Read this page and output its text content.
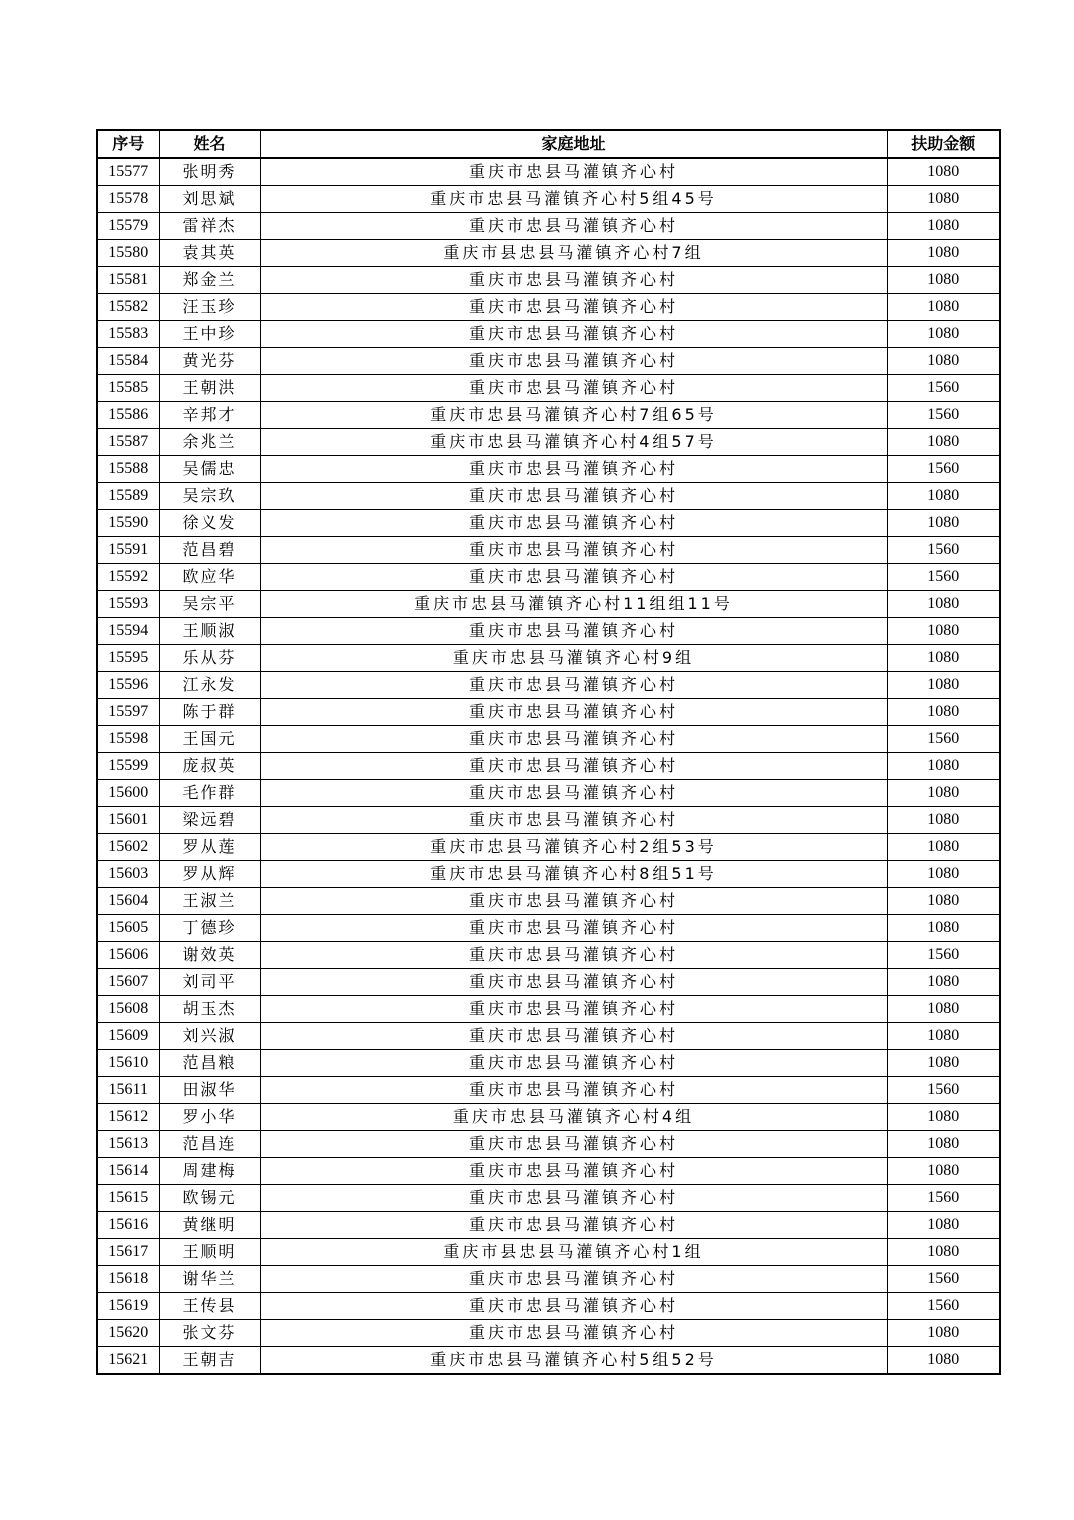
序号	姓名	家庭地址	扶助金额
15577	张明秀	重庆市忠县马灌镇齐心村	1080
15578	刘思斌	重庆市忠县马灌镇齐心村5组45号	1080
15579	雷祥杰	重庆市忠县马灌镇齐心村	1080
15580	袁其英	重庆市县忠县马灌镇齐心村7组	1080
15581	郑金兰	重庆市忠县马灌镇齐心村	1080
15582	汪玉珍	重庆市忠县马灌镇齐心村	1080
15583	王中珍	重庆市忠县马灌镇齐心村	1080
15584	黄光芬	重庆市忠县马灌镇齐心村	1080
15585	王朝洪	重庆市忠县马灌镇齐心村	1560
15586	辛邦才	重庆市忠县马灌镇齐心村7组65号	1560
15587	余兆兰	重庆市忠县马灌镇齐心村4组57号	1080
15588	吴儒忠	重庆市忠县马灌镇齐心村	1560
15589	吴宗玖	重庆市忠县马灌镇齐心村	1080
15590	徐义发	重庆市忠县马灌镇齐心村	1080
15591	范昌碧	重庆市忠县马灌镇齐心村	1560
15592	欧应华	重庆市忠县马灌镇齐心村	1560
15593	吴宗平	重庆市忠县马灌镇齐心村11组组11号	1080
15594	王顺淑	重庆市忠县马灌镇齐心村	1080
15595	乐从芬	重庆市忠县马灌镇齐心村9组	1080
15596	江永发	重庆市忠县马灌镇齐心村	1080
15597	陈于群	重庆市忠县马灌镇齐心村	1080
15598	王国元	重庆市忠县马灌镇齐心村	1560
15599	庞叔英	重庆市忠县马灌镇齐心村	1080
15600	毛作群	重庆市忠县马灌镇齐心村	1080
15601	梁远碧	重庆市忠县马灌镇齐心村	1080
15602	罗从莲	重庆市忠县马灌镇齐心村2组53号	1080
15603	罗从辉	重庆市忠县马灌镇齐心村8组51号	1080
15604	王淑兰	重庆市忠县马灌镇齐心村	1080
15605	丁德珍	重庆市忠县马灌镇齐心村	1080
15606	谢效英	重庆市忠县马灌镇齐心村	1560
15607	刘司平	重庆市忠县马灌镇齐心村	1080
15608	胡玉杰	重庆市忠县马灌镇齐心村	1080
15609	刘兴淑	重庆市忠县马灌镇齐心村	1080
15610	范昌粮	重庆市忠县马灌镇齐心村	1080
15611	田淑华	重庆市忠县马灌镇齐心村	1560
15612	罗小华	重庆市忠县马灌镇齐心村4组	1080
15613	范昌连	重庆市忠县马灌镇齐心村	1080
15614	周建梅	重庆市忠县马灌镇齐心村	1080
15615	欧锡元	重庆市忠县马灌镇齐心村	1560
15616	黄继明	重庆市忠县马灌镇齐心村	1080
15617	王顺明	重庆市县忠县马灌镇齐心村1组	1080
15618	谢华兰	重庆市忠县马灌镇齐心村	1560
15619	王传县	重庆市忠县马灌镇齐心村	1560
15620	张文芬	重庆市忠县马灌镇齐心村	1080
15621	王朝吉	重庆市忠县马灌镇齐心村5组52号	1080
